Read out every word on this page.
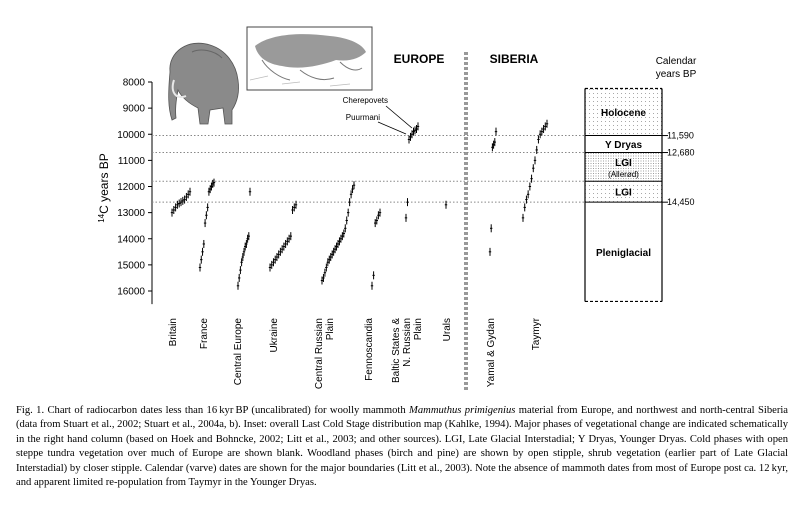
$^{14}$C years BP
8000
9000
10000
11000
12000
13000
14000
15000
16000
EUROPE	SIBERIA
Cherepovets
Puurmani	Holocene
Y Dryas
LGI
(Allerød)
LGI
Pleniglacial
Calendar
years BP
11,590
12,680
14,450
Britain France Central Europe	Ukraine	Central Russian Plain	Fennoscandia Baltic States & N. Russian Plain Urals	Yamal & Gydan	Taymyr

Fig. 1. Chart of radiocarbon dates less than 16 kyr BP (uncalibrated) for woolly mammoth Mammuthus primigenius material from Europe, and northwest and north-central Siberia (data from Stuart et al., 2002; Stuart et al., 2004a, b). Inset: overall Last Cold Stage distribution map (Kahlke, 1994). Major phases of vegetational change are indicated schematically in the right hand column (based on Hoek and Bohncke, 2002; Litt et al., 2003; and other sources). LGI, Late Glacial Interstadial; Y Dryas, Younger Dryas. Cold phases with open steppe tundra vegetation over much of Europe are shown blank. Woodland phases (birch and pine) are shown by open stipple, shrub vegetation (earlier part of Late Glacial Interstadial) by closer stipple. Calendar (varve) dates are shown for the major boundaries (Litt et al., 2003). Note the absence of mammoth dates from most of Europe post ca. 12 kyr, and apparent limited re-population from Taymyr in the Younger Dryas.
